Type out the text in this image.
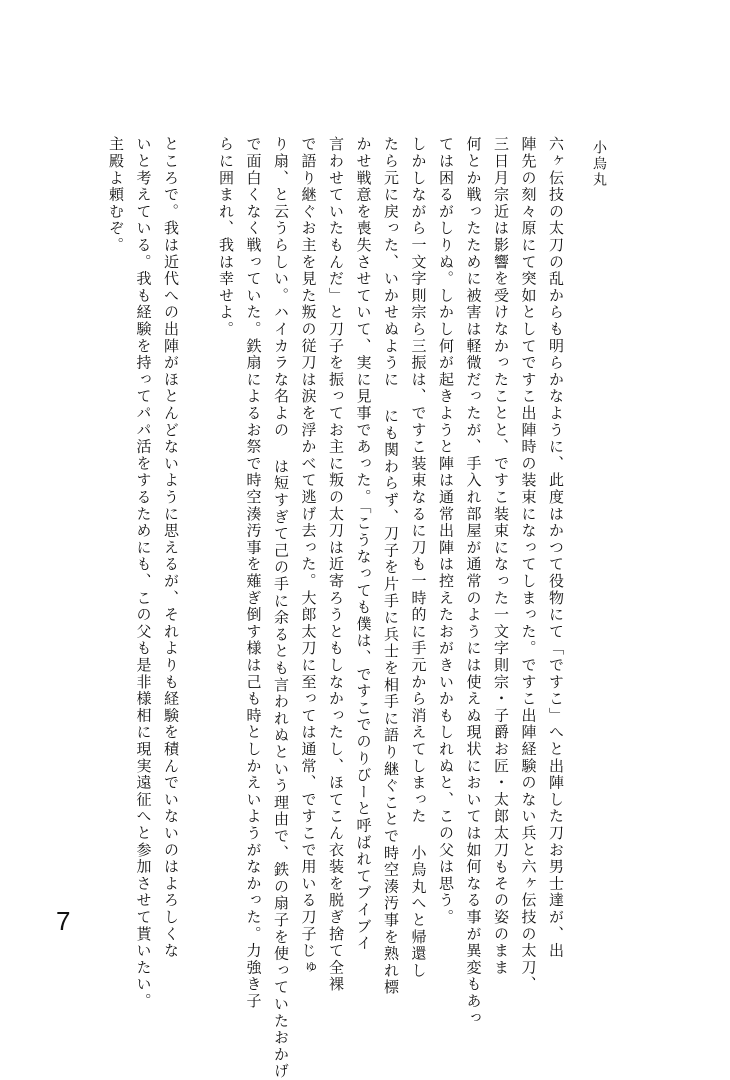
小烏丸
六ヶ伝技の太刀の乱からも明らかなように、此度はかつて役物にて「ですこ」へと出陣した刀お男士達が、出
陣先の刻々原にて突如としてですこ出陣時の装束になってしまった。ですこ出陣経験のない兵と六ヶ伝技の太刀、
三日月宗近は影響を受けなかったことと、ですこ装束になった一文字則宗・子爵お匠・太郎太刀もその姿のまま
何とか戦ったために被害は軽微だったが、手入れ部屋が通常のようには使えぬ現状においては如何なる事が異変もあっ
ては困るがしりぬ。しかし何が起きようと陣は通常出陣は控えたおがきいかもしれぬと、この父は思う。
しかしながら一文字則宗ら三振は、ですこ装束なるに刀も一時的に手元から消えてしまった 小烏丸へと帰還し
たら元に戻った、いかせぬように にも関わらず、刀子を片手に兵士を相手に語り継ぐことで時空湊汚事を熟れ標
かせ戦意を喪失させていて、実に見事であった。「こうなっても僕は、ですこでのりびーと呼ばれてブイブイ
言わせていたもんだ」と刀子を振ってお主に叛の太刀は近寄ろうともしなかったし、ほてこん衣装を脱ぎ捨て全裸
で語り継ぐお主を見た叛の従刀は涙を浮かべて逃げ去った。大郎太刀に至っては通常、ですこで用いる刀子じゅ
り扇、と云うらしい。ハイカラな名よの は短すぎて己の手に余るとも言われぬという理由で、鉄の扇子を使っていたおかげ
で面白くなく戦っていた。鉄扇によるお祭で時空湊汚事を薙ぎ倒す様は己も時としかえいようがなかった。力強き子
らに囲まれ、我は幸せよ。
ところで。我は近代への出陣がほとんどないように思えるが、それよりも経験を積んでいないのはよろしくな
いと考えている。我も経験を持ってパパ活をするためにも、この父も是非様相に現実遠征へと参加させて貰いたい。
主殿よ頼むぞ。
7
